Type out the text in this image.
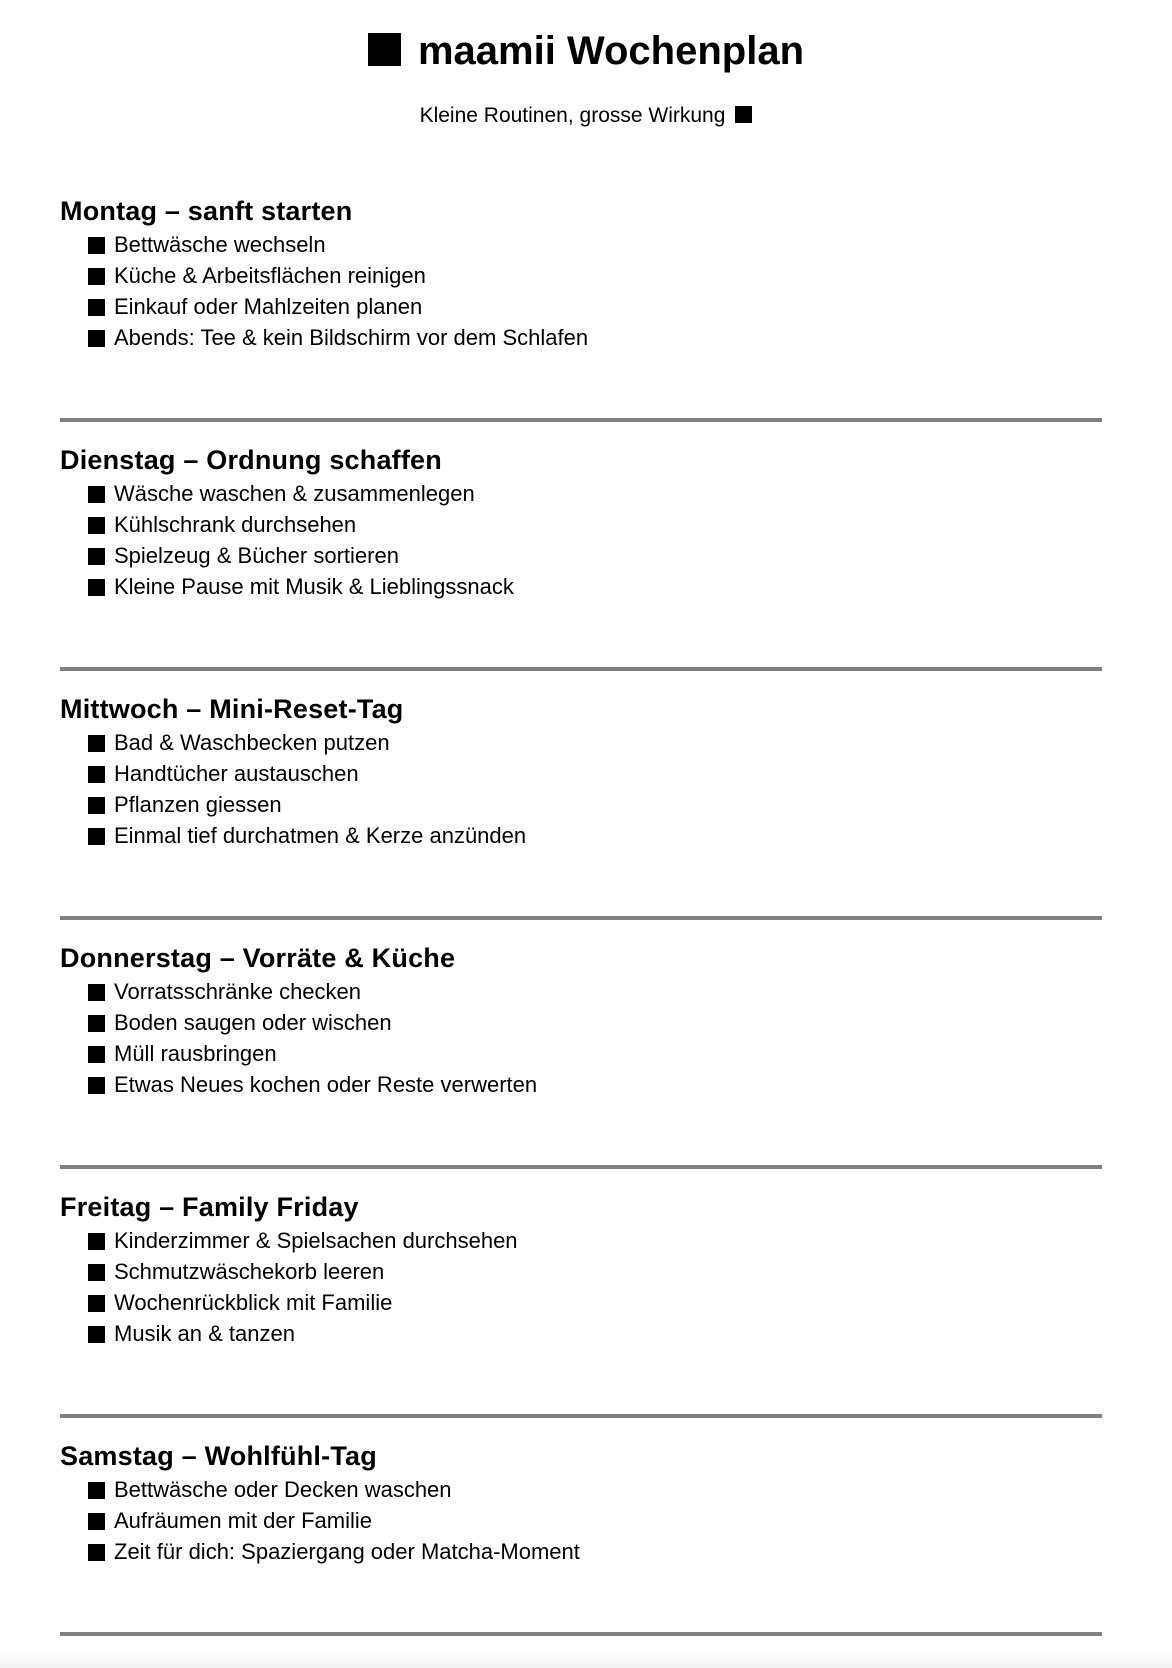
maamii Wochenplan

Kleine Routinen, grosse Wirkung

Montag – sanft starten
Bettwäsche wechseln
Küche & Arbeitsflächen reinigen
Einkauf oder Mahlzeiten planen
Abends: Tee & kein Bildschirm vor dem Schlafen
Dienstag – Ordnung schaffen
Wäsche waschen & zusammenlegen
Kühlschrank durchsehen
Spielzeug & Bücher sortieren
Kleine Pause mit Musik & Lieblingssnack
Mittwoch – Mini-Reset-Tag
Bad & Waschbecken putzen
Handtücher austauschen
Pflanzen giessen
Einmal tief durchatmen & Kerze anzünden
Donnerstag – Vorräte & Küche
Vorratsschränke checken
Boden saugen oder wischen
Müll rausbringen
Etwas Neues kochen oder Reste verwerten
Freitag – Family Friday
Kinderzimmer & Spielsachen durchsehen
Schmutzwäschekorb leeren
Wochenrückblick mit Familie
Musik an & tanzen
Samstag – Wohlfühl-Tag
Bettwäsche oder Decken waschen
Aufräumen mit der Familie
Zeit für dich: Spaziergang oder Matcha-Moment
